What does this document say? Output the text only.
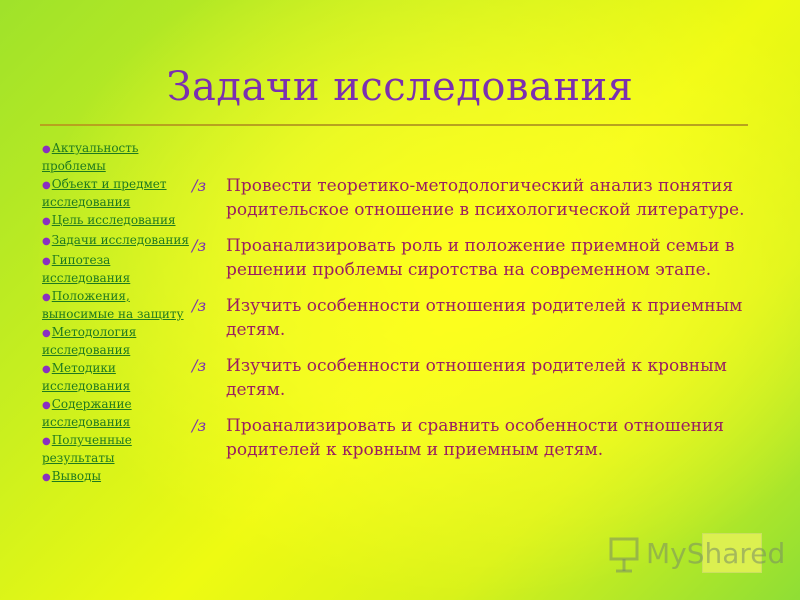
Задачи исследования
●Актуальность проблемы
●Объект и предмет исследования
●Цель исследования
●Задачи исследования
●Гипотеза исследования
●Положения, выносимые на защиту
●Методология исследования
●Методики исследования
●Содержание исследования
●Полученные результаты
●Выводы
∕з	Провести теоретико-методологический анализ понятия родительское отношение в психологической литературе.
∕з	Проанализировать роль и положение приемной семьи в решении проблемы сиротства на современном этапе.
∕з	Изучить особенности отношения родителей к приемным детям.
∕з	Изучить особенности отношения родителей к кровным детям.
∕з	Проанализировать и сравнить особенности отношения родителей к кровным и приемным детям.
MyShared
